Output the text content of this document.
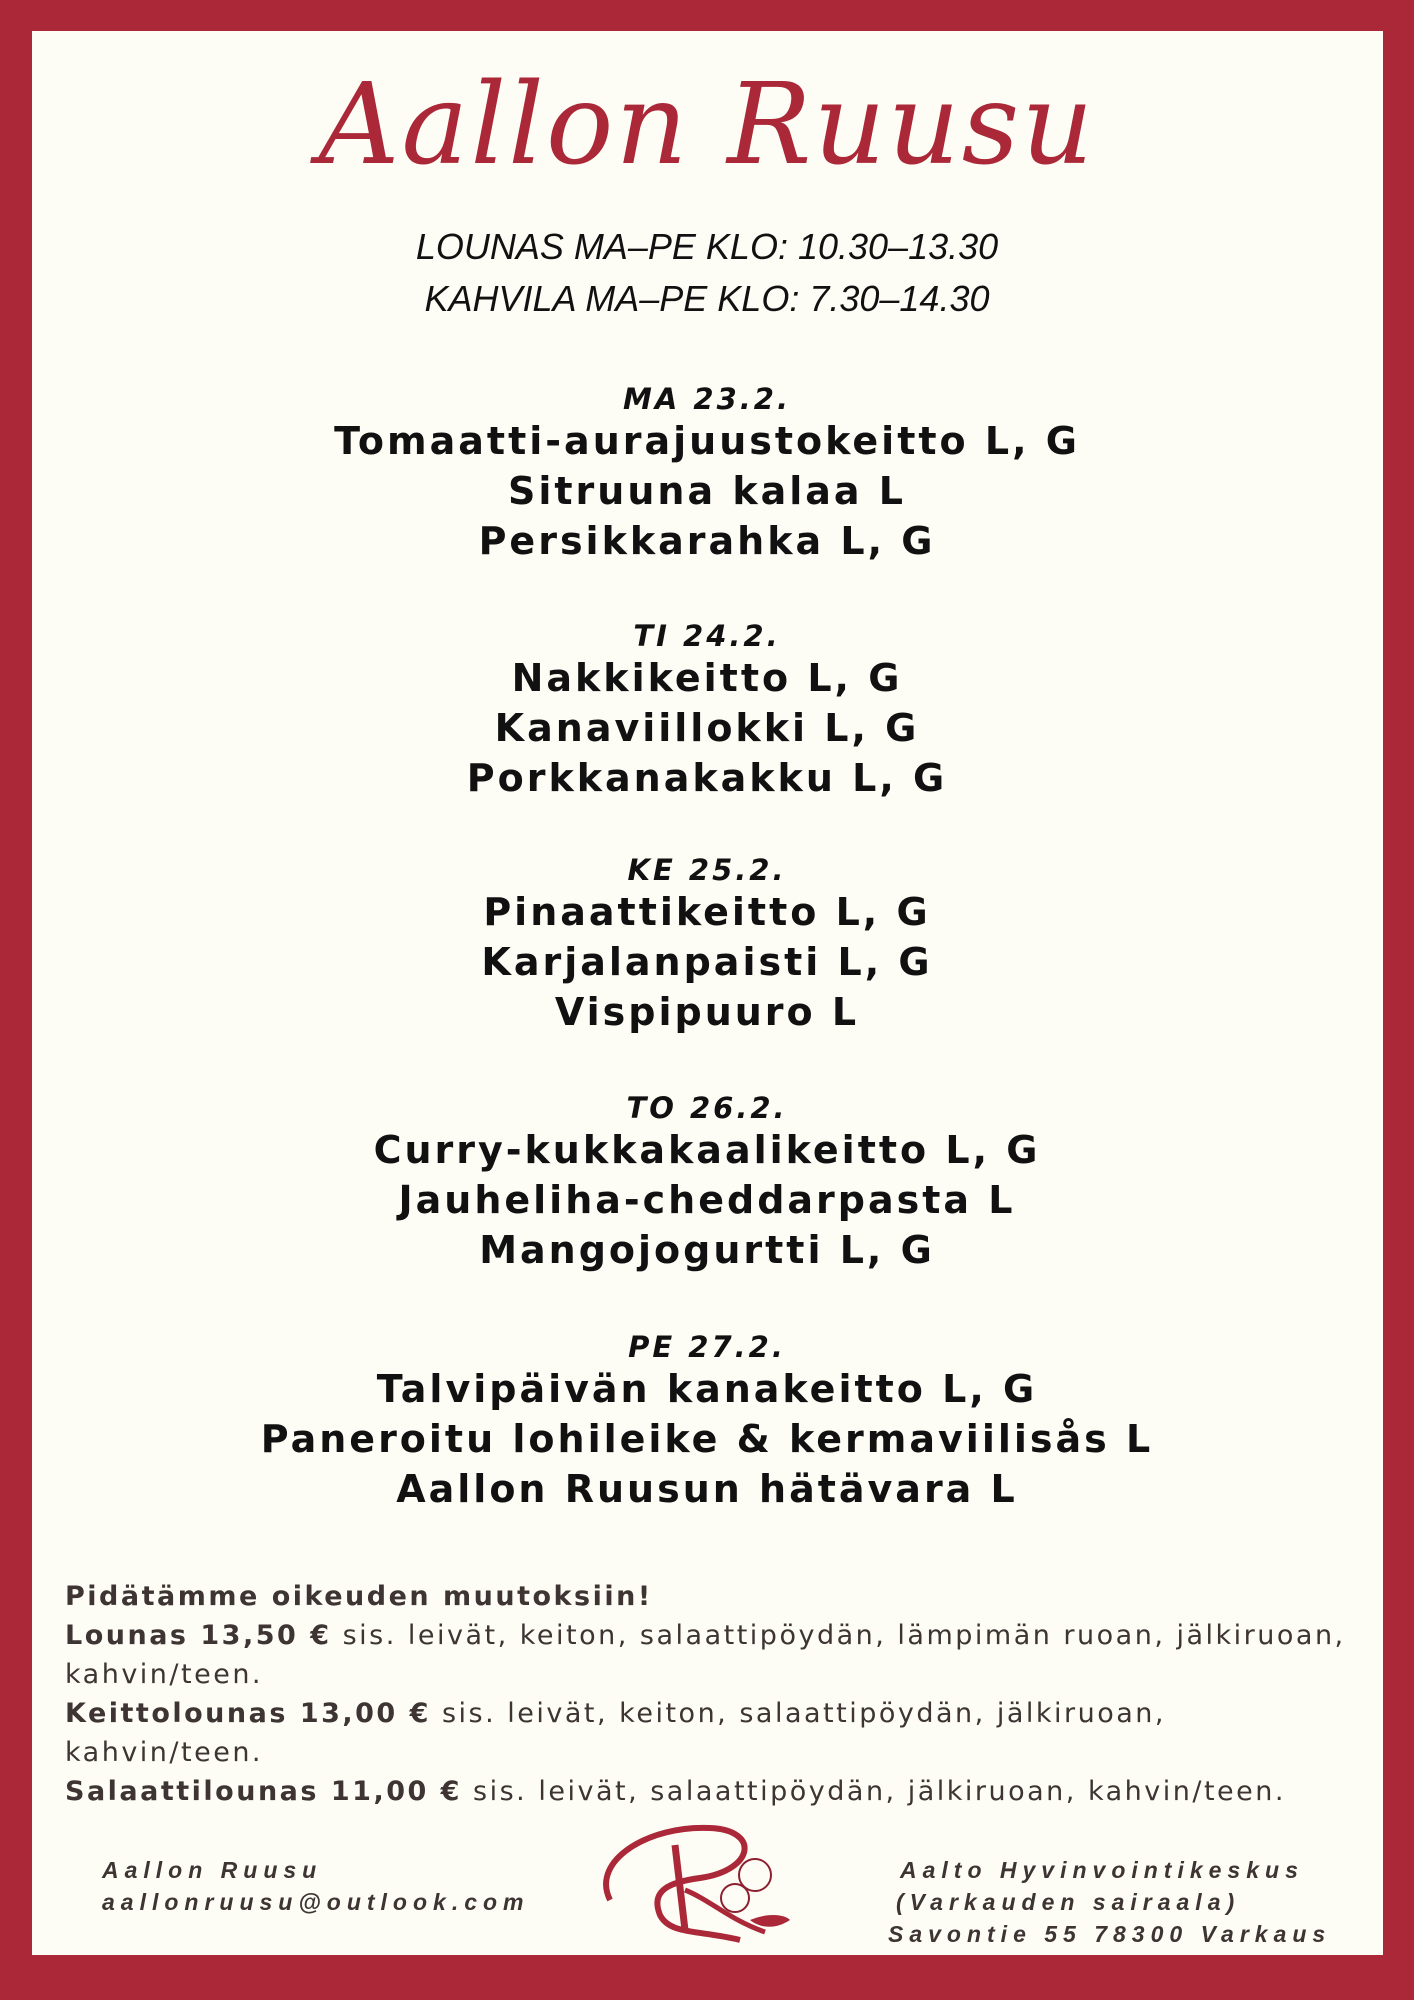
Aallon Ruusu
LOUNAS MA–PE KLO: 10.30–13.30
KAHVILA MA–PE KLO: 7.30–14.30
MA 23.2.
Tomaatti-aurajuustokeitto L, G
Sitruuna kalaa L
Persikkarahka L, G
TI 24.2.
Nakkikeitto L, G
Kanaviillokki L, G
Porkkanakakku L, G
KE 25.2.
Pinaattikeitto L, G
Karjalanpaisti L, G
Vispipuuro L
TO 26.2.
Curry-kukkakaalikeitto L, G
Jauheliha-cheddarpasta L
Mangojogurtti L, G
PE 27.2.
Talvipäivän kanakeitto L, G
Paneroitu lohileike & kermaviilisås L
Aallon Ruusun hätävara L
Pidätämme oikeuden muutoksiin!
Lounas 13,50 € sis. leivät, keiton, salaattipöydän, lämpimän ruoan, jälkiruoan, kahvin/teen.
Keittolounas 13,00 € sis. leivät, keiton, salaattipöydän, jälkiruoan, kahvin/teen.
Salaattilounas 11,00 € sis. leivät, salaattipöydän, jälkiruoan, kahvin/teen.
Aallon Ruusu
aallonruusu@outlook.com
Aalto Hyvinvointikeskus
(Varkauden sairaala)
Savontie 55 78300 Varkaus
